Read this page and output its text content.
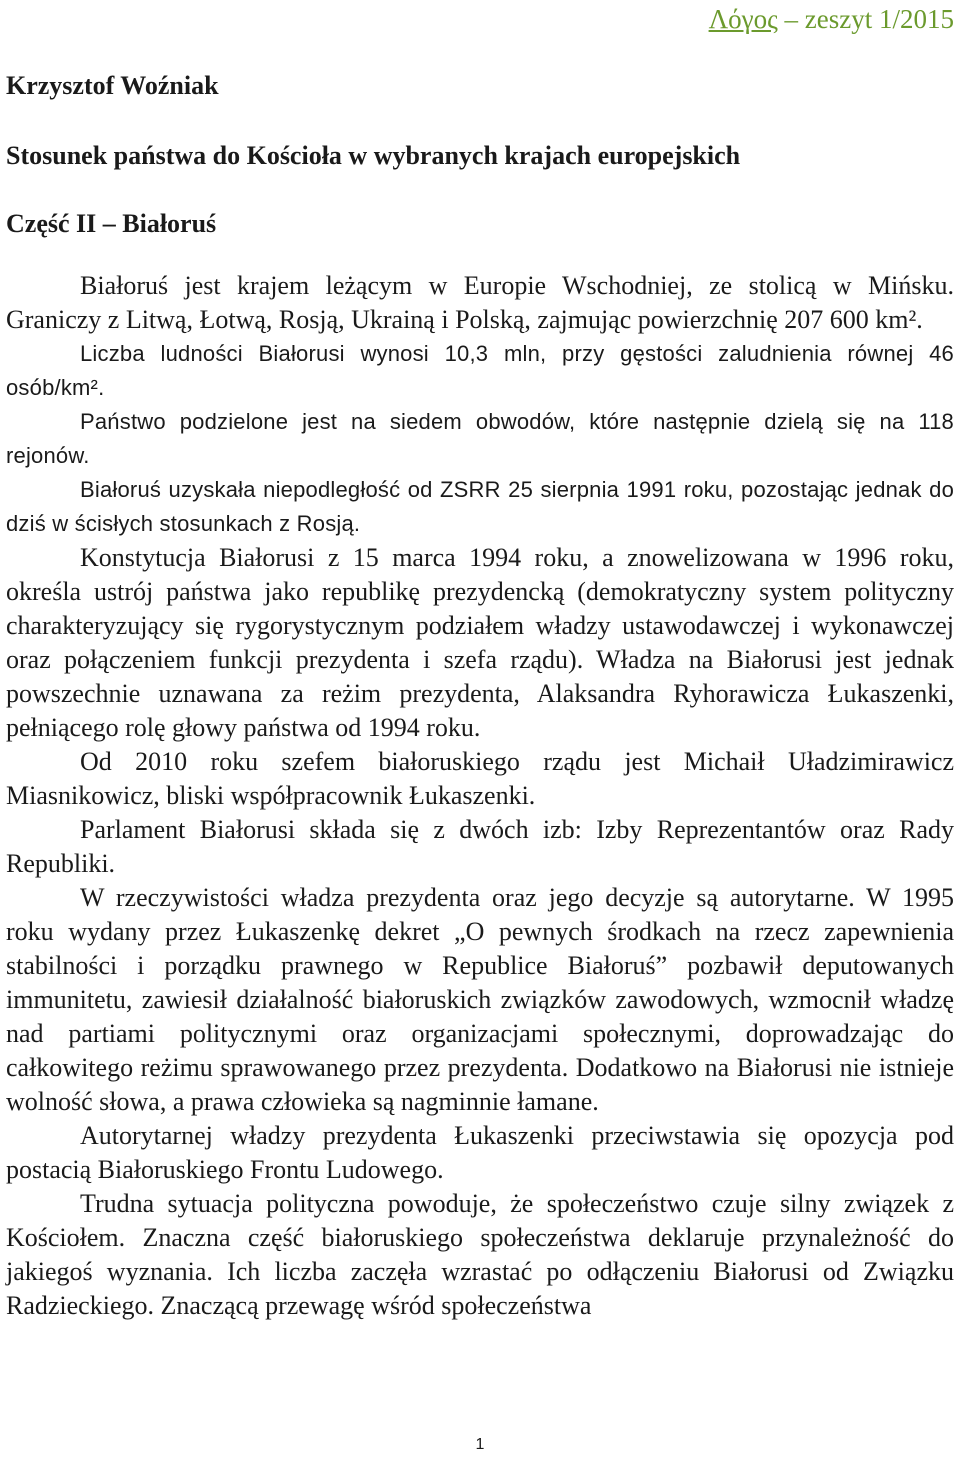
Λόγος – zeszyt 1/2015
Krzysztof Woźniak
Stosunek państwa do Kościoła w wybranych krajach europejskich
Część II – Białoruś

Białoruś jest krajem leżącym w Europie Wschodniej, ze stolicą w Mińsku. Graniczy z Litwą, Łotwą, Rosją, Ukrainą i Polską, zajmując powierzchnię 207 600 km².

Liczba ludności Białorusi wynosi 10,3 mln, przy gęstości zaludnienia równej 46 osób/km².

Państwo podzielone jest na siedem obwodów, które następnie dzielą się na 118 rejonów.

Białoruś uzyskała niepodległość od ZSRR 25 sierpnia 1991 roku, pozostając jednak do dziś w ścisłych stosunkach z Rosją.

Konstytucja Białorusi z 15 marca 1994 roku, a znowelizowana w 1996 roku, określa ustrój państwa jako republikę prezydencką (demokratyczny system polityczny charakteryzujący się rygorystycznym podziałem władzy ustawodawczej i wykonawczej oraz połączeniem funkcji prezydenta i szefa rządu). Władza na Białorusi jest jednak powszechnie uznawana za reżim prezydenta, Alaksandra Ryhorawicza Łukaszenki, pełniącego rolę głowy państwa od 1994 roku.

Od 2010 roku szefem białoruskiego rządu jest Michaił Uładzimirawicz Miasnikowicz, bliski współpracownik Łukaszenki.

Parlament Białorusi składa się z dwóch izb: Izby Reprezentantów oraz Rady Republiki.

W rzeczywistości władza prezydenta oraz jego decyzje są autorytarne. W 1995 roku wydany przez Łukaszenkę dekret „O pewnych środkach na rzecz zapewnienia stabilności i porządku prawnego w Republice Białoruś” pozbawił deputowanych immunitetu, zawiesił działalność białoruskich związków zawodowych, wzmocnił władzę nad partiami politycznymi oraz organizacjami społecznymi, doprowadzając do całkowitego reżimu sprawowanego przez prezydenta. Dodatkowo na Białorusi nie istnieje wolność słowa, a prawa człowieka są nagminnie łamane.

Autorytarnej władzy prezydenta Łukaszenki przeciwstawia się opozycja pod postacią Białoruskiego Frontu Ludowego.

Trudna sytuacja polityczna powoduje, że społeczeństwo czuje silny związek z Kościołem. Znaczna część białoruskiego społeczeństwa deklaruje przynależność do jakiegoś wyznania. Ich liczba zaczęła wzrastać po odłączeniu Białorusi od Związku Radzieckiego. Znaczącą przewagę wśród społeczeństwa

1
